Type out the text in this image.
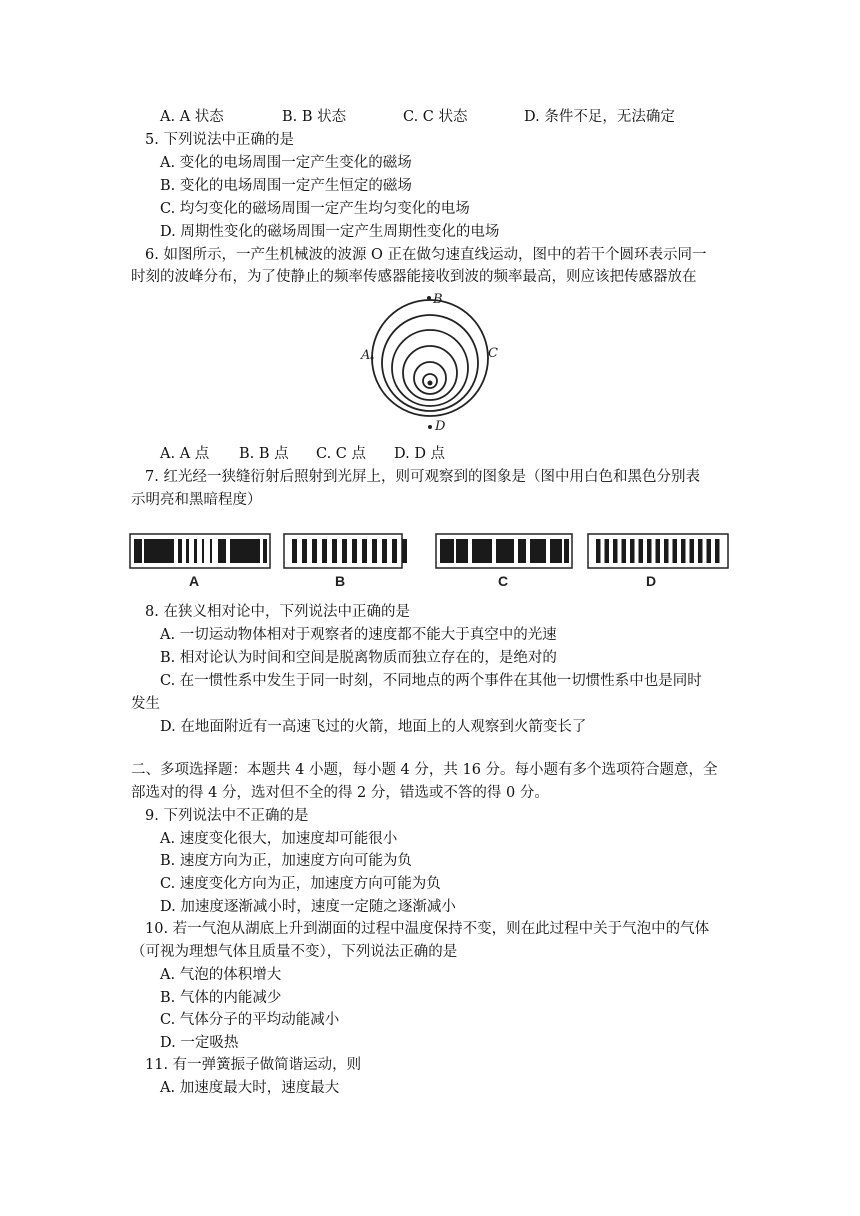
A. A 状态	B. B 状态	C. C 状态	D. 条件不足，无法确定
5. 下列说法中正确的是
A. 变化的电场周围一定产生变化的磁场
B. 变化的电场周围一定产生恒定的磁场
C. 均匀变化的磁场周围一定产生均匀变化的电场
D. 周期性变化的磁场周围一定产生周期性变化的电场
6. 如图所示，一产生机械波的波源 O 正在做匀速直线运动，图中的若干个圆环表示同一
时刻的波峰分布，为了使静止的频率传感器能接收到波的频率最高，则应该把传感器放在
B
A	C
D
A. A 点 B. B 点 C. C 点 D. D 点
7. 红光经一狭缝衍射后照射到光屏上，则可观察到的图象是（图中用白色和黑色分别表
示明亮和黑暗程度）
A	B	C	D
8. 在狭义相对论中，下列说法中正确的是
A. 一切运动物体相对于观察者的速度都不能大于真空中的光速
B. 相对论认为时间和空间是脱离物质而独立存在的，是绝对的
C. 在一惯性系中发生于同一时刻，不同地点的两个事件在其他一切惯性系中也是同时
发生
D. 在地面附近有一高速飞过的火箭，地面上的人观察到火箭变长了
二、多项选择题：本题共 4 小题，每小题 4 分，共 16 分。每小题有多个选项符合题意，全
部选对的得 4 分，选对但不全的得 2 分，错选或不答的得 0 分。
9. 下列说法中不正确的是
A. 速度变化很大，加速度却可能很小
B. 速度方向为正，加速度方向可能为负
C. 速度变化方向为正，加速度方向可能为负
D. 加速度逐渐减小时，速度一定随之逐渐减小
10. 若一气泡从湖底上升到湖面的过程中温度保持不变，则在此过程中关于气泡中的气体
（可视为理想气体且质量不变），下列说法正确的是
A. 气泡的体积增大
B. 气体的内能减少
C. 气体分子的平均动能减小
D. 一定吸热
11. 有一弹簧振子做简谐运动，则
A. 加速度最大时，速度最大
